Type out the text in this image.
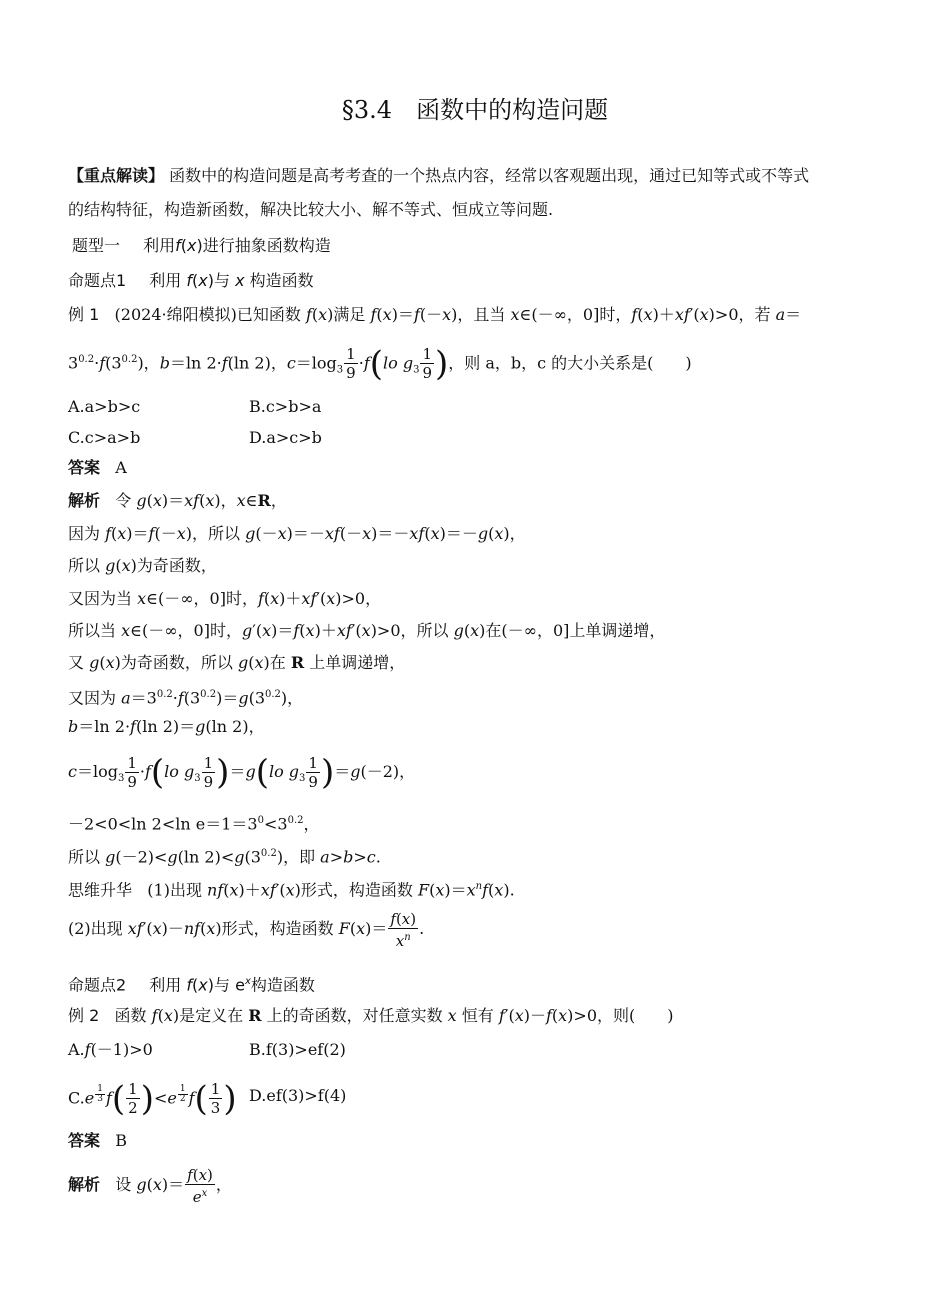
§3.4　函数中的构造问题
【重点解读】 函数中的构造问题是高考考查的一个热点内容，经常以客观题出现，通过已知等式或不等式
的结构特征，构造新函数，解决比较大小、解不等式、恒成立等问题.
题型一 利用f(x)进行抽象函数构造
命题点1 利用 f(x)与 x 构造函数
例 1 (2024·绵阳模拟)已知函数 f(x)满足 f(x)＝f(－x)，且当 x∈(－∞，0]时，f(x)＋xf′(x)>0，若 a＝
$3^{0.2}\cdot f(3^{0.2})$，b＝ln 2·f(ln 2)，$c=\log_3 \frac{1}{9} \cdot f(lo$ $g_3 \frac{1}{9}$ )，则 a，b，c 的大小关系是(　　)
A.a>b>c	B.c>b>a
C.c>a>b	D.a>c>b
答案 A
解析   令 g(x)＝xf(x)，x∈R，
因为 f(x)＝f(－x)，所以 g(－x)＝－xf(－x)＝－xf(x)＝－g(x)，
所以 g(x)为奇函数，
又因为当 x∈(－∞，0]时，f(x)＋xf′(x)>0，
所以当 x∈(－∞，0]时，g′(x)＝f(x)＋xf′(x)>0，所以 g(x)在(－∞，0]上单调递增，
又 g(x)为奇函数，所以 g(x)在 R 上单调递增，
又因为 $a=3^{0.2}\cdot f(3^{0.2})=g(3^{0.2})$，
b＝ln 2·f(ln 2)＝g(ln 2)，
$c=\log_3 \frac{1}{9} \cdot f(lo$ $g_3 \frac{1}{9} )=g(lo$ $g_3 \frac{1}{9} )=g(-2)$，
－2<0<ln 2<ln $e=1=3^0<3^{0.2}$，
所以 g(－2)<g(ln $2)<g(3^{0.2})$，即 a>b>c.
思维升华   (1)出现 nf(x)＋xf′(x)形式，构造函数 $F(x)=x^nf(x)$.
(2)出现 xf′(x)－nf(x)形式，构造函数 $F(x)= \frac{f(x)}{x^n}$ .
命题点2 利用 f(x)与 $e^x$构造函数
例 2   函数 f(x)是定义在 R 上的奇函数，对任意实数 x 恒有 f′(x)－f(x)>0，则(　　)
A.f(－1)>0	B.f(3)>ef(2)
C.e $^{\frac{1}{3}}$ $f( \frac{1}{2} )<e$ $^{\frac{1}{2}}$ $f( \frac{1}{3}$ ) D.ef(3)>f(4)
答案 B
解析   设 $g(x)= \frac{f(x)}{e^x}$ ，
